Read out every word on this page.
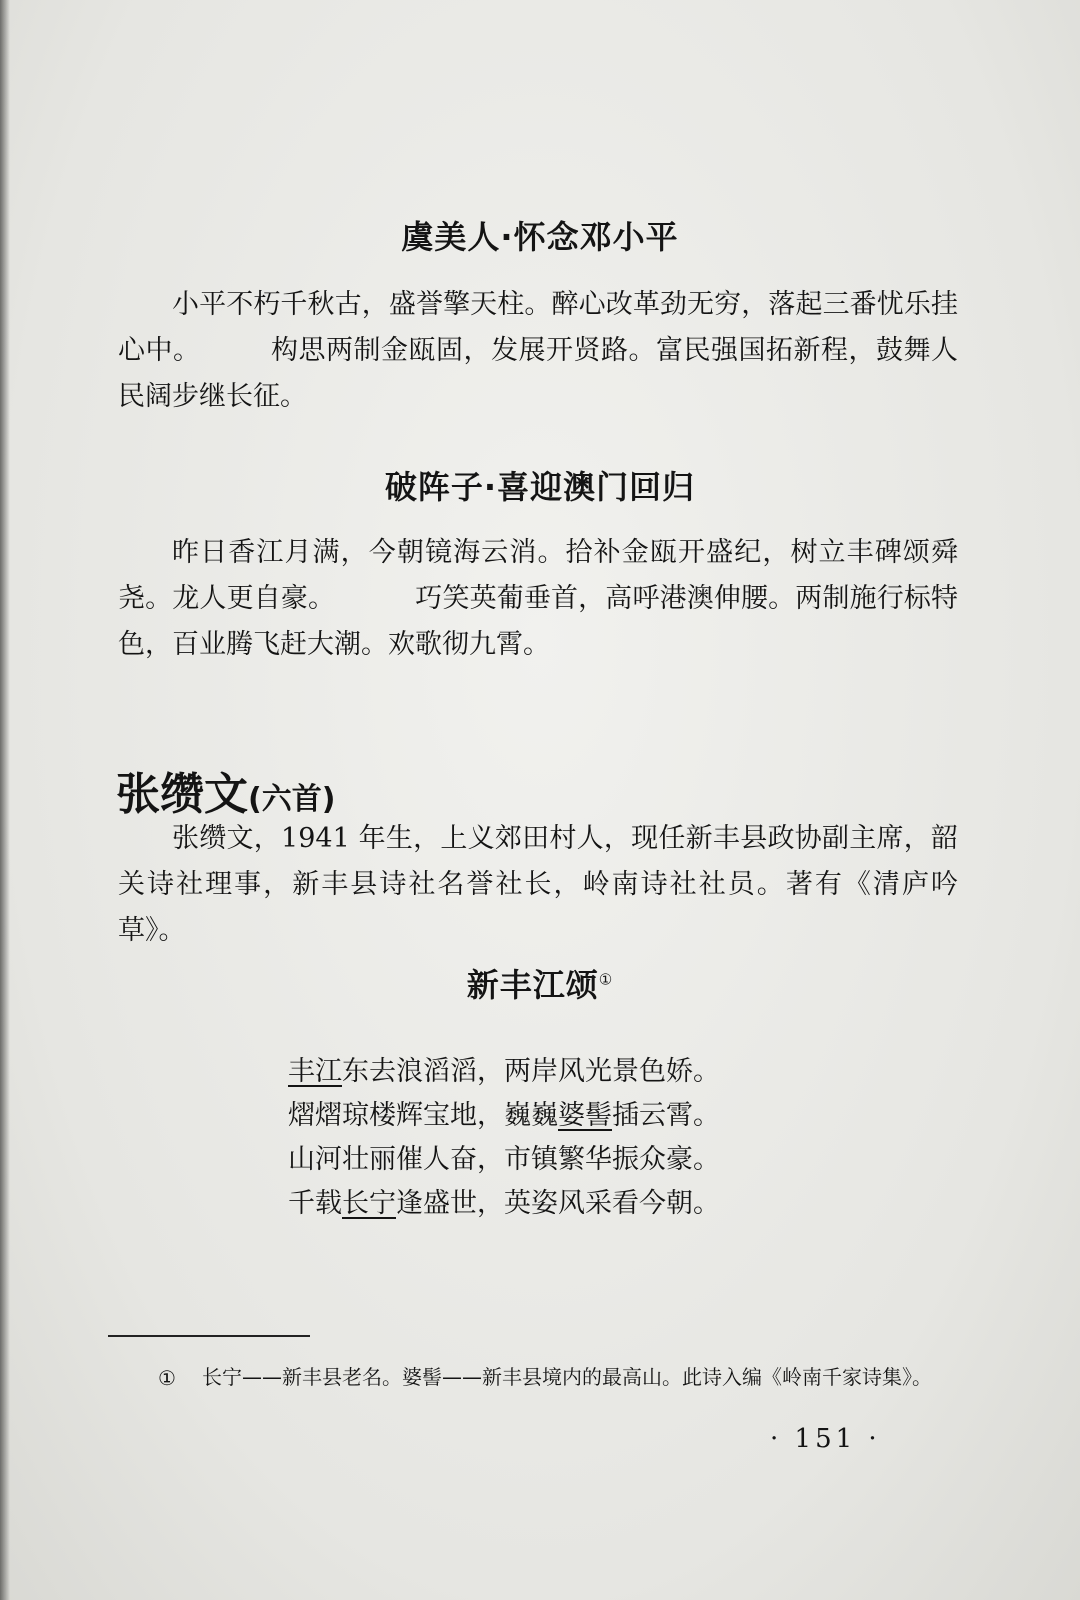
虞美人·怀念邓小平

小平不朽千秋古，盛誉擎天柱。醉心改革劲无穷，落起三番忧乐挂心中。	构思两制金瓯固，发展开贤路。富民强国拓新程，鼓舞人民阔步继长征。

破阵子·喜迎澳门回归

昨日香江月满，今朝镜海云消。拾补金瓯开盛纪，树立丰碑颂舜尧。龙人更自豪。	巧笑英葡垂首，高呼港澳伸腰。两制施行标特色，百业腾飞赶大潮。欢歌彻九霄。

张缵文(六首)

张缵文，1941 年生，上义郊田村人，现任新丰县政协副主席，韶关诗社理事，新丰县诗社名誉社长，岭南诗社社员。著有《清庐吟草》。

新丰江颂①
丰江东去浪滔滔，两岸风光景色娇。
熠熠琼楼辉宝地，巍巍婆髻插云霄。
山河壮丽催人奋，市镇繁华振众豪。
千载长宁逢盛世，英姿风采看今朝。
① 长宁——新丰县老名。婆髻——新丰县境内的最高山。此诗入编《岭南千家诗集》。

· 151 ·
